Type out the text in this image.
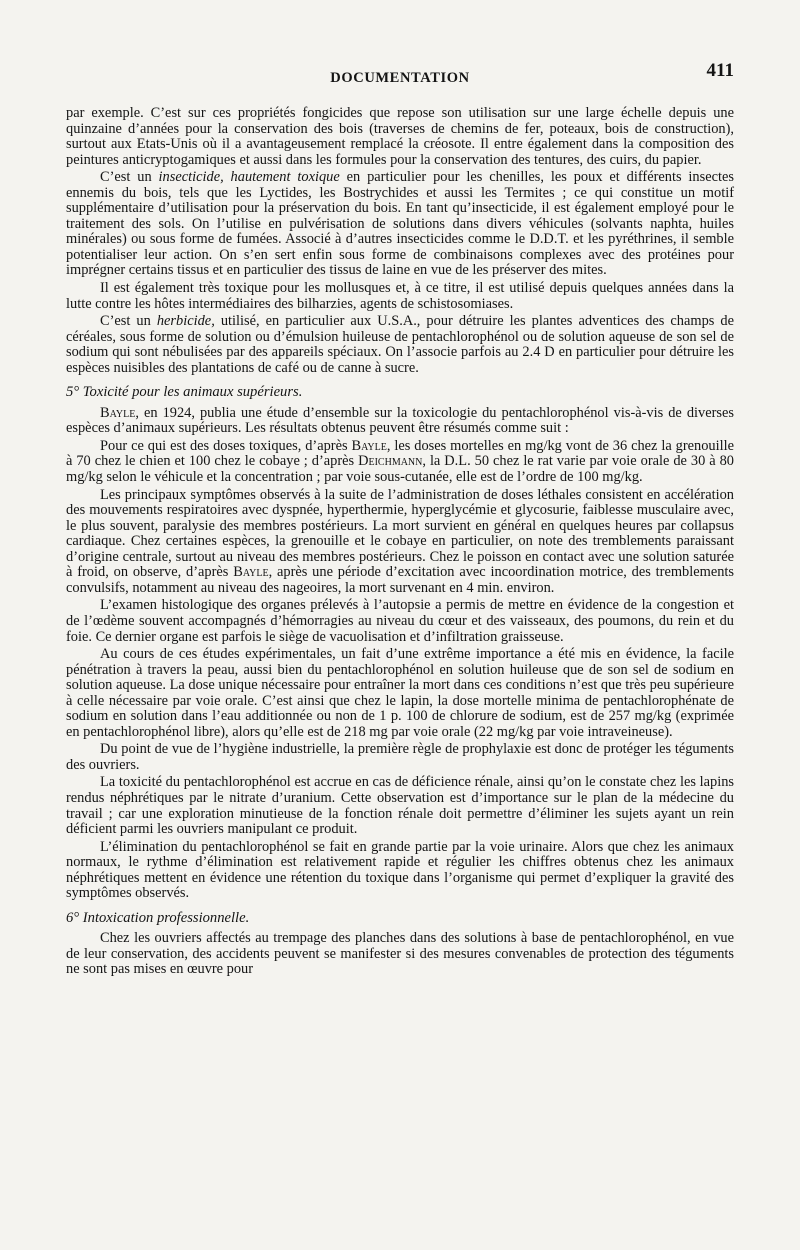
DOCUMENTATION	411

par exemple. C’est sur ces propriétés fongicides que repose son utilisation sur une large échelle depuis une quinzaine d’années pour la conservation des bois (traverses de chemins de fer, poteaux, bois de construction), surtout aux Etats-Unis où il a avantageusement remplacé la créosote. Il entre également dans la composition des peintures anticryptogamiques et aussi dans les formules pour la conservation des tentures, des cuirs, du papier.

C’est un insecticide, hautement toxique en particulier pour les chenilles, les poux et différents insectes ennemis du bois, tels que les Lyctides, les Bostrychides et aussi les Termites ; ce qui constitue un motif supplémentaire d’utilisation pour la préservation du bois. En tant qu’insecticide, il est également employé pour le traitement des sols. On l’utilise en pulvérisation de solutions dans divers véhicules (solvants naphta, huiles minérales) ou sous forme de fumées. Associé à d’autres insecticides comme le D.D.T. et les pyréthrines, il semble potentialiser leur action. On s’en sert enfin sous forme de combinaisons complexes avec des protéines pour imprégner certains tissus et en particulier des tissus de laine en vue de les préserver des mites.

Il est également très toxique pour les mollusques et, à ce titre, il est utilisé depuis quelques années dans la lutte contre les hôtes intermédiaires des bilharzies, agents de schistosomiases.

C’est un herbicide, utilisé, en particulier aux U.S.A., pour détruire les plantes adventices des champs de céréales, sous forme de solution ou d’émulsion huileuse de pentachlorophénol ou de solution aqueuse de son sel de sodium qui sont nébulisées par des appareils spéciaux. On l’associe parfois au 2.4 D en particulier pour détruire les espèces nuisibles des plantations de café ou de canne à sucre.

5° Toxicité pour les animaux supérieurs.

Bayle, en 1924, publia une étude d’ensemble sur la toxicologie du pentachlorophénol vis-à-vis de diverses espèces d’animaux supérieurs. Les résultats obtenus peuvent être résumés comme suit :

Pour ce qui est des doses toxiques, d’après Bayle, les doses mortelles en mg/kg vont de 36 chez la grenouille à 70 chez le chien et 100 chez le cobaye ; d’après Deichmann, la D.L. 50 chez le rat varie par voie orale de 30 à 80 mg/kg selon le véhicule et la concentration ; par voie sous-cutanée, elle est de l’ordre de 100 mg/kg.

Les principaux symptômes observés à la suite de l’administration de doses léthales consistent en accélération des mouvements respiratoires avec dyspnée, hyperthermie, hyperglycémie et glycosurie, faiblesse musculaire avec, le plus souvent, paralysie des membres postérieurs. La mort survient en général en quelques heures par collapsus cardiaque. Chez certaines espèces, la grenouille et le cobaye en particulier, on note des tremblements paraissant d’origine centrale, surtout au niveau des membres postérieurs. Chez le poisson en contact avec une solution saturée à froid, on observe, d’après Bayle, après une période d’excitation avec incoordination motrice, des tremblements convulsifs, notamment au niveau des nageoires, la mort survenant en 4 min. environ.

L’examen histologique des organes prélevés à l’autopsie a permis de mettre en évidence de la congestion et de l’œdème souvent accompagnés d’hémorragies au niveau du cœur et des vaisseaux, des poumons, du rein et du foie. Ce dernier organe est parfois le siège de vacuolisation et d’infiltration graisseuse.

Au cours de ces études expérimentales, un fait d’une extrême importance a été mis en évidence, la facile pénétration à travers la peau, aussi bien du pentachlorophénol en solution huileuse que de son sel de sodium en solution aqueuse. La dose unique nécessaire pour entraîner la mort dans ces conditions n’est que très peu supérieure à celle nécessaire par voie orale. C’est ainsi que chez le lapin, la dose mortelle minima de pentachlorophénate de sodium en solution dans l’eau additionnée ou non de 1 p. 100 de chlorure de sodium, est de 257 mg/kg (exprimée en pentachlorophénol libre), alors qu’elle est de 218 mg par voie orale (22 mg/kg par voie intraveineuse).

Du point de vue de l’hygiène industrielle, la première règle de prophylaxie est donc de protéger les téguments des ouvriers.

La toxicité du pentachlorophénol est accrue en cas de déficience rénale, ainsi qu’on le constate chez les lapins rendus néphrétiques par le nitrate d’uranium. Cette observation est d’importance sur le plan de la médecine du travail ; car une exploration minutieuse de la fonction rénale doit permettre d’éliminer les sujets ayant un rein déficient parmi les ouvriers manipulant ce produit.

L’élimination du pentachlorophénol se fait en grande partie par la voie urinaire. Alors que chez les animaux normaux, le rythme d’élimination est relativement rapide et régulier les chiffres obtenus chez les animaux néphrétiques mettent en évidence une rétention du toxique dans l’organisme qui permet d’expliquer la gravité des symptômes observés.

6° Intoxication professionnelle.

Chez les ouvriers affectés au trempage des planches dans des solutions à base de pentachlorophénol, en vue de leur conservation, des accidents peuvent se manifester si des mesures convenables de protection des téguments ne sont pas mises en œuvre pour
